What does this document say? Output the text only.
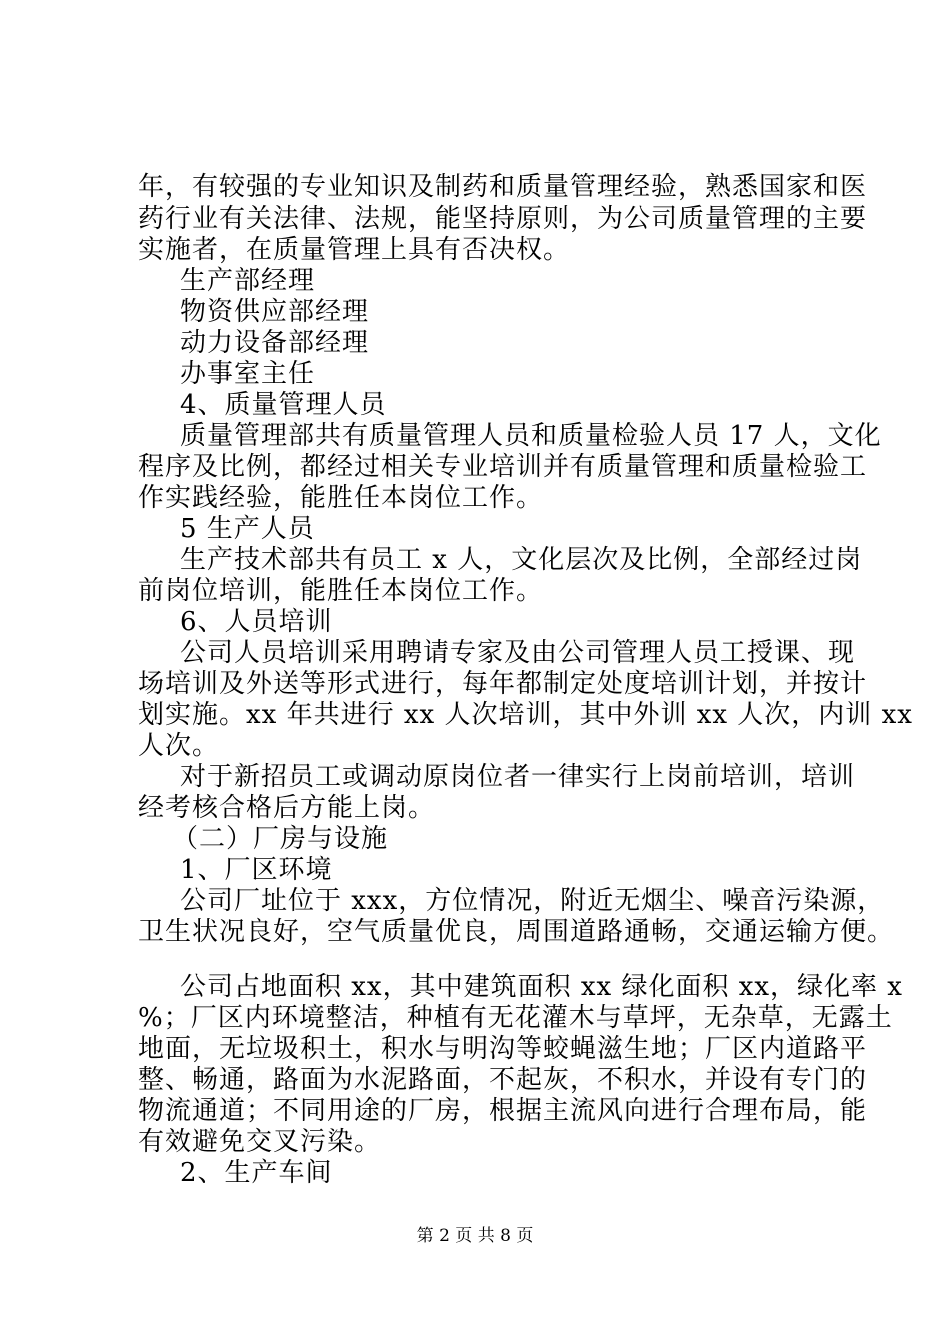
年，有较强的专业知识及制药和质量管理经验，熟悉国家和医
药行业有关法律、法规，能坚持原则，为公司质量管理的主要
实施者，在质量管理上具有否决权。
生产部经理
物资供应部经理
动力设备部经理
办事室主任
4、质量管理人员
质量管理部共有质量管理人员和质量检验人员 17 人，文化
程序及比例，都经过相关专业培训并有质量管理和质量检验工
作实践经验，能胜任本岗位工作。
5 生产人员
生产技术部共有员工 x 人，文化层次及比例，全部经过岗
前岗位培训，能胜任本岗位工作。
6、人员培训
公司人员培训采用聘请专家及由公司管理人员工授课、现
场培训及外送等形式进行，每年都制定处度培训计划，并按计
划实施。xx 年共进行 xx 人次培训，其中外训 xx 人次，内训 xx
人次。
对于新招员工或调动原岗位者一律实行上岗前培训，培训
经考核合格后方能上岗。
（二）厂房与设施
1、厂区环境
公司厂址位于 xxx，方位情况，附近无烟尘、噪音污染源，
卫生状况良好，空气质量优良，周围道路通畅，交通运输方便。
公司占地面积 xx，其中建筑面积 xx 绿化面积 xx，绿化率 x
%；厂区内环境整洁，种植有无花灌木与草坪，无杂草，无露土
地面，无垃圾积土，积水与明沟等蛟蝇滋生地；厂区内道路平
整、畅通，路面为水泥路面，不起灰，不积水，并设有专门的
物流通道；不同用途的厂房，根据主流风向进行合理布局，能
有效避免交叉污染。
2、生产车间
第 2 页 共 8 页
